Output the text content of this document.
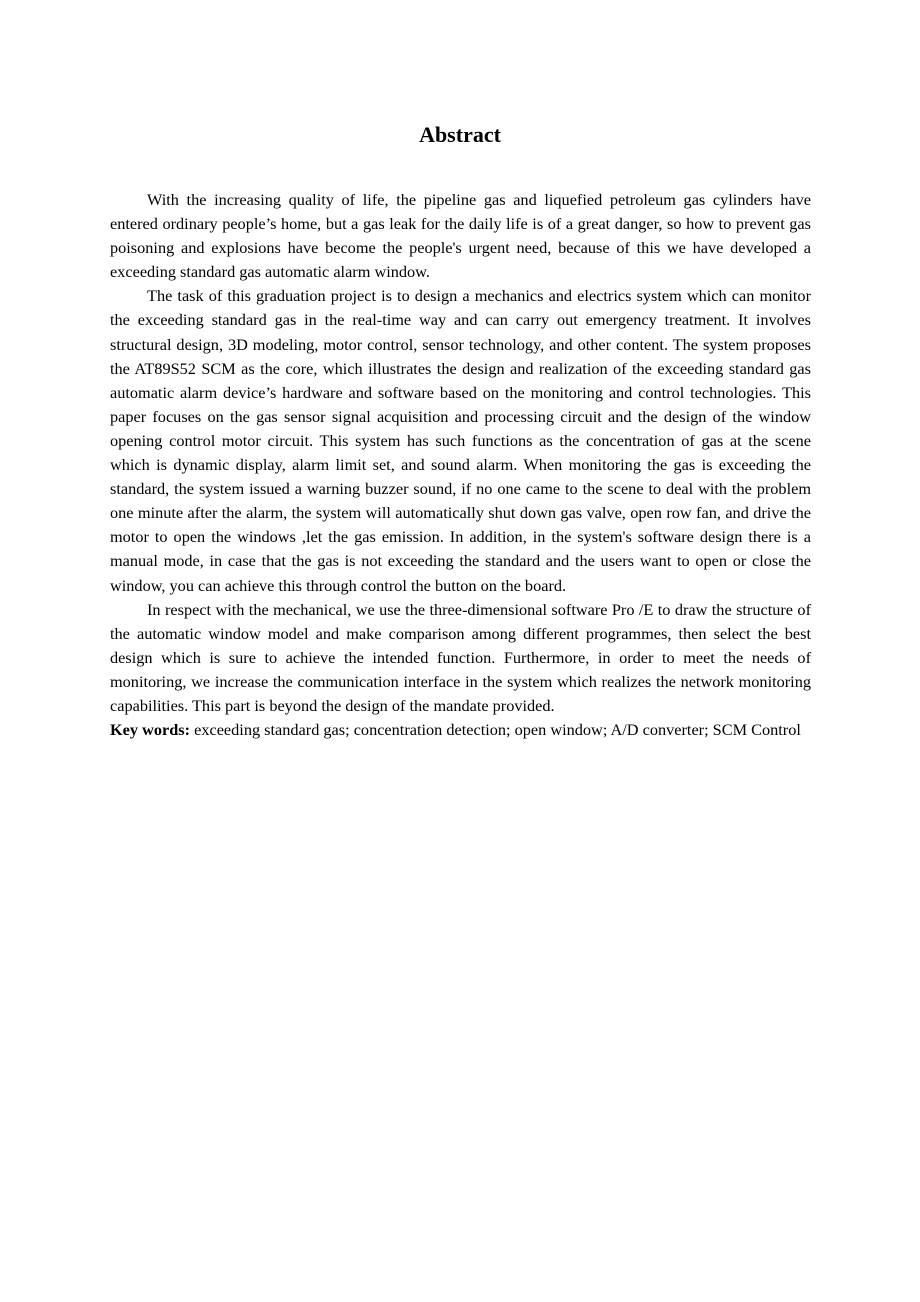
Abstract

With the increasing quality of life, the pipeline gas and liquefied petroleum gas cylinders have entered ordinary people’s home, but a gas leak for the daily life is of a great danger, so how to prevent gas poisoning and explosions have become the people's urgent need, because of this we have developed a exceeding standard gas automatic alarm window.

The task of this graduation project is to design a mechanics and electrics system which can monitor the exceeding standard gas in the real-time way and can carry out emergency treatment. It involves structural design, 3D modeling, motor control, sensor technology, and other content. The system proposes the AT89S52 SCM as the core, which illustrates the design and realization of the exceeding standard gas automatic alarm device’s hardware and software based on the monitoring and control technologies. This paper focuses on the gas sensor signal acquisition and processing circuit and the design of the window opening control motor circuit. This system has such functions as the concentration of gas at the scene which is dynamic display, alarm limit set, and sound alarm. When monitoring the gas is exceeding the standard, the system issued a warning buzzer sound, if no one came to the scene to deal with the problem one minute after the alarm, the system will automatically shut down gas valve, open row fan, and drive the motor to open the windows ,let the gas emission. In addition, in the system's software design there is a manual mode, in case that the gas is not exceeding the standard and the users want to open or close the window, you can achieve this through control the button on the board.

In respect with the mechanical, we use the three-dimensional software Pro /E to draw the structure of the automatic window model and make comparison among different programmes, then select the best design which is sure to achieve the intended function. Furthermore, in order to meet the needs of monitoring, we increase the communication interface in the system which realizes the network monitoring capabilities. This part is beyond the design of the mandate provided.

Key words: exceeding standard gas; concentration detection; open window; A/D converter; SCM Control
